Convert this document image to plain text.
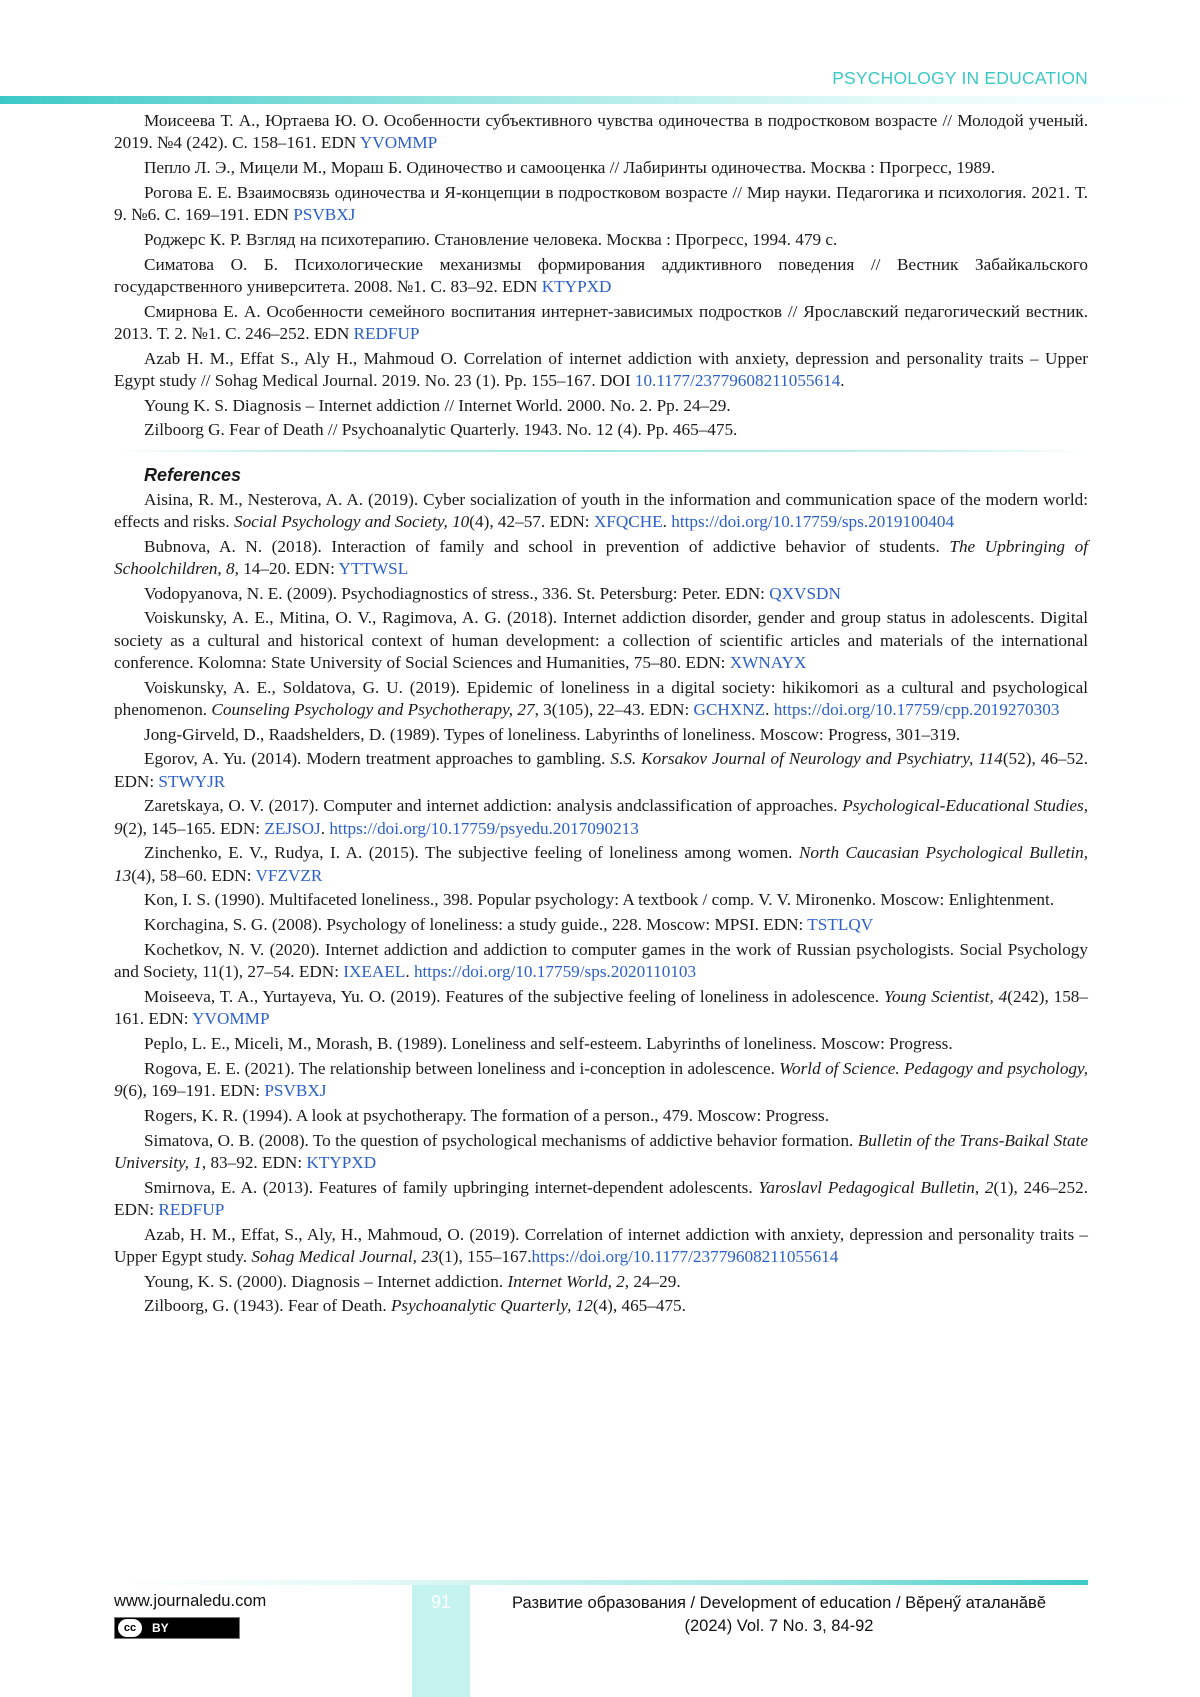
PSYCHOLOGY IN EDUCATION

Моисеева Т. А., Юртаева Ю. О. Особенности субъективного чувства одиночества в подростковом возрасте // Молодой ученый. 2019. №4 (242). С. 158–161. EDN YVOMMP

Пепло Л. Э., Мицели М., Мораш Б. Одиночество и самооценка // Лабиринты одиночества. Москва : Прогресс, 1989.

Рогова Е. Е. Взаимосвязь одиночества и Я-концепции в подростковом возрасте // Мир науки. Педагогика и психология. 2021. Т. 9. №6. С. 169–191. EDN PSVBXJ

Роджерс К. Р. Взгляд на психотерапию. Становление человека. Москва : Прогресс, 1994. 479 с.

Симатова О. Б. Психологические механизмы формирования аддиктивного поведения // Вестник Забайкальского государственного университета. 2008. №1. С. 83–92. EDN KTYPXD

Смирнова Е. А. Особенности семейного воспитания интернет-зависимых подростков // Ярославский педагогический вестник. 2013. Т. 2. №1. С. 246–252. EDN REDFUP

Azab H. M., Effat S., Aly H., Mahmoud O. Correlation of internet addiction with anxiety, depression and personality traits – Upper Egypt study // Sohag Medical Journal. 2019. No. 23 (1). Pp. 155–167. DOI 10.1177/23779608211055614.

Young K. S. Diagnosis – Internet addiction // Internet World. 2000. No. 2. Pp. 24–29.

Zilboorg G. Fear of Death // Psychoanalytic Quarterly. 1943. No. 12 (4). Pp. 465–475.

References

Aisina, R. M., Nesterova, A. A. (2019). Cyber socialization of youth in the information and communication space of the modern world: effects and risks. Social Psychology and Society, 10(4), 42–57. EDN: XFQCHE. https://doi.org/10.17759/sps.2019100404

Bubnova, A. N. (2018). Interaction of family and school in prevention of addictive behavior of students. The Upbringing of Schoolchildren, 8, 14–20. EDN: YTTWSL

Vodopyanova, N. E. (2009). Psychodiagnostics of stress., 336. St. Petersburg: Peter. EDN: QXVSDN

Voiskunsky, A. E., Mitina, O. V., Ragimova, A. G. (2018). Internet addiction disorder, gender and group status in adolescents. Digital society as a cultural and historical context of human development: a collection of scientific articles and materials of the international conference. Kolomna: State University of Social Sciences and Humanities, 75–80. EDN: XWNAYX

Voiskunsky, A. E., Soldatova, G. U. (2019). Epidemic of loneliness in a digital society: hikikomori as a cultural and psychological phenomenon. Counseling Psychology and Psychotherapy, 27, 3(105), 22–43. EDN: GCHXNZ. https://doi.org/10.17759/cpp.2019270303

Jong-Girveld, D., Raadshelders, D. (1989). Types of loneliness. Labyrinths of loneliness. Moscow: Progress, 301–319.

Egorov, A. Yu. (2014). Modern treatment approaches to gambling. S.S. Korsakov Journal of Neurology and Psychiatry, 114(52), 46–52. EDN: STWYJR

Zaretskaya, O. V. (2017). Computer and internet addiction: analysis andclassification of approaches. Psychological-Educational Studies, 9(2), 145–165. EDN: ZEJSOJ. https://doi.org/10.17759/psyedu.2017090213

Zinchenko, E. V., Rudya, I. A. (2015). The subjective feeling of loneliness among women. North Caucasian Psychological Bulletin, 13(4), 58–60. EDN: VFZVZR

Kon, I. S. (1990). Multifaceted loneliness., 398. Popular psychology: A textbook / comp. V. V. Mironenko. Moscow: Enlightenment.

Korchagina, S. G. (2008). Psychology of loneliness: a study guide., 228. Moscow: MPSI. EDN: TSTLQV

Kochetkov, N. V. (2020). Internet addiction and addiction to computer games in the work of Russian psychologists. Social Psychology and Society, 11(1), 27–54. EDN: IXEAEL. https://doi.org/10.17759/sps.2020110103

Moiseeva, T. A., Yurtayeva, Yu. O. (2019). Features of the subjective feeling of loneliness in adolescence. Young Scientist, 4(242), 158–161. EDN: YVOMMP

Peplo, L. E., Miceli, M., Morash, B. (1989). Loneliness and self-esteem. Labyrinths of loneliness. Moscow: Progress.

Rogova, E. E. (2021). The relationship between loneliness and i-conception in adolescence. World of Science. Pedagogy and psychology, 9(6), 169–191. EDN: PSVBXJ

Rogers, K. R. (1994). A look at psychotherapy. The formation of a person., 479. Moscow: Progress.

Simatova, O. B. (2008). To the question of psychological mechanisms of addictive behavior formation. Bulletin of the Trans-Baikal State University, 1, 83–92. EDN: KTYPXD

Smirnova, E. A. (2013). Features of family upbringing internet-dependent adolescents. Yaroslavl Pedagogical Bulletin, 2(1), 246–252. EDN: REDFUP

Azab, H. M., Effat, S., Aly, H., Mahmoud, O. (2019). Correlation of internet addiction with anxiety, depression and personality traits – Upper Egypt study. Sohag Medical Journal, 23(1), 155–167.https://doi.org/10.1177/23779608211055614

Young, K. S. (2000). Diagnosis – Internet addiction. Internet World, 2, 24–29.

Zilboorg, G. (1943). Fear of Death. Psychoanalytic Quarterly, 12(4), 465–475.

91
www.journaledu.com
cc	BY
Развитие образования / Development of education / Вĕренӳ аталанăвĕ
(2024) Vol. 7 No. 3, 84-92
